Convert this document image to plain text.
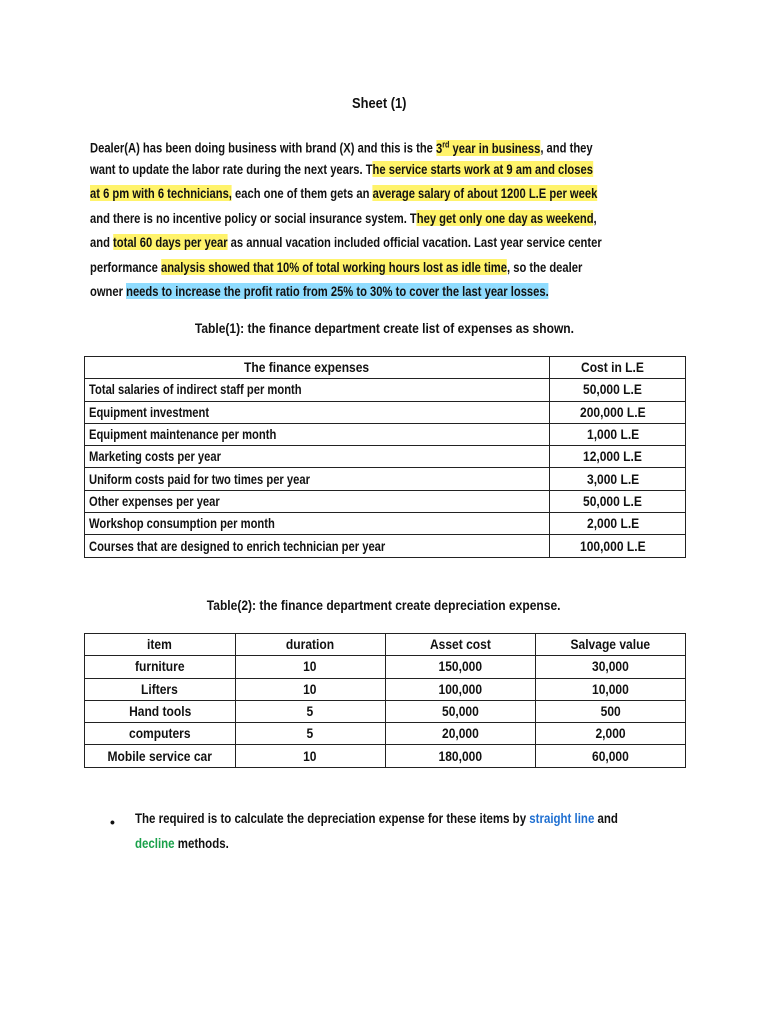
Sheet (1)
Dealer(A) has been doing business with brand (X) and this is the 3rd year in business, and they
want to update the labor rate during the next years. The service starts work at 9 am and closes
at 6 pm with 6 technicians, each one of them gets an average salary of about 1200 L.E per week
and there is no incentive policy or social insurance system. They get only one day as weekend,
and total 60 days per year as annual vacation included official vacation. Last year service center
performance analysis showed that 10% of total working hours lost as idle time, so the dealer
owner needs to increase the profit ratio from 25% to 30% to cover the last year losses.
Table(1): the finance department create list of expenses as shown.
The finance expenses	Cost in L.E
Total salaries of indirect staff per month	50,000 L.E
Equipment investment	200,000 L.E
Equipment maintenance per month	1,000 L.E
Marketing costs per year	12,000 L.E
Uniform costs paid for two times per year	3,000 L.E
Other expenses per year	50,000 L.E
Workshop consumption per month	2,000 L.E
Courses that are designed to enrich technician per year	100,000 L.E
Table(2): the finance department create depreciation expense.
item	duration	Asset cost	Salvage value
furniture	10	150,000	30,000
Lifters	10	100,000	10,000
Hand tools	5	50,000	500
computers	5	20,000	2,000
Mobile service car	10	180,000	60,000
• The required is to calculate the depreciation expense for these items by straight line and
decline methods.
